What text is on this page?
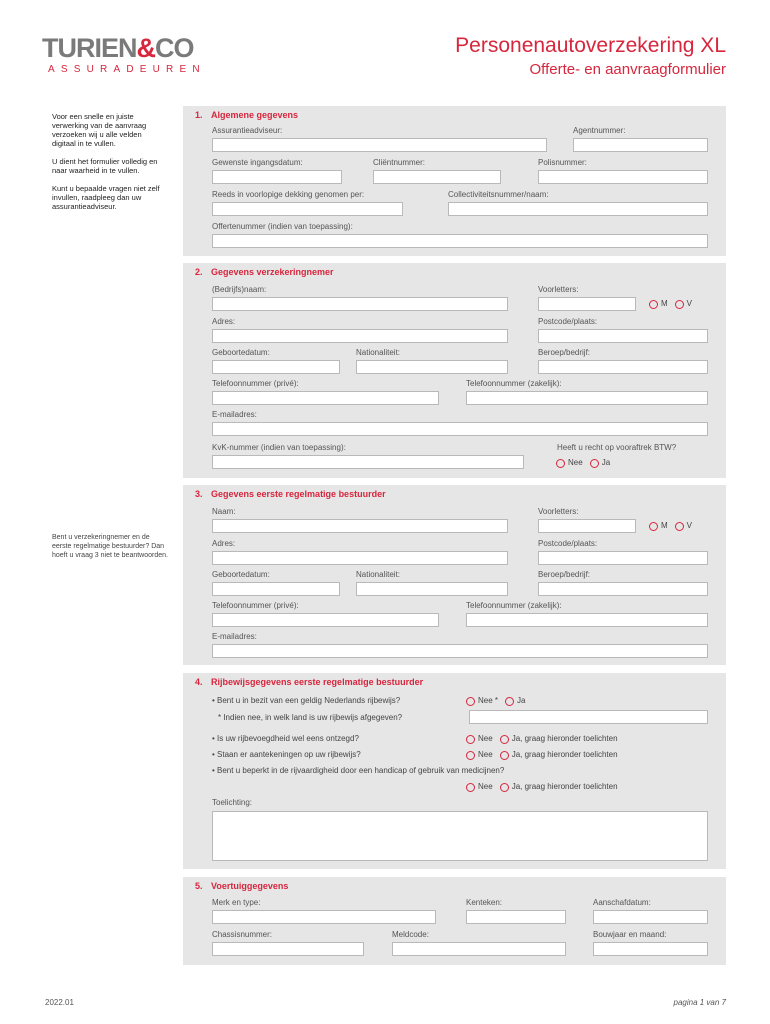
TURIEN&CO
ASSURADEUREN
Personenautoverzekering XL
Offerte- en aanvraagformulier

Voor een snelle en juiste verwerking van de aanvraag verzoeken wij u alle velden digitaal in te vullen.

U dient het formulier volledig en naar waarheid in te vullen.

Kunt u bepaalde vragen niet zelf invullen, raadpleeg dan uw assurantieadviseur.

Bent u verzekeringnemer en de eerste regelmatige bestuurder? Dan hoeft u vraag 3 niet te beantwoorden.
1. Algemene gegevens
Assurantieadviseur:	Agentnummer:
Gewenste ingangsdatum:	Cliëntnummer:	Polisnummer:
Reeds in voorlopige dekking genomen per:	Collectiviteitsnummer/naam:
Offertenummer (indien van toepassing):
2. Gegevens verzekeringnemer
(Bedrijfs)naam:	Voorletters:
M V
Adres:	Postcode/plaats:
Geboortedatum:	Nationaliteit:	Beroep/bedrijf:
Telefoonnummer (privé):	Telefoonnummer (zakelijk):
E-mailadres:
KvK-nummer (indien van toepassing):	Heeft u recht op vooraftrek BTW?
Nee Ja
3. Gegevens eerste regelmatige bestuurder
Naam:	Voorletters:
M V
Adres:	Postcode/plaats:
Geboortedatum:	Nationaliteit:	Beroep/bedrijf:
Telefoonnummer (privé):	Telefoonnummer (zakelijk):
E-mailadres:
4. Rijbewijsgegevens eerste regelmatige bestuurder
• Bent u in bezit van een geldig Nederlands rijbewijs?	Nee * Ja
* Indien nee, in welk land is uw rijbewijs afgegeven?
• Is uw rijbevoegdheid wel eens ontzegd?	Nee Ja, graag hieronder toelichten
• Staan er aantekeningen op uw rijbewijs?	Nee Ja, graag hieronder toelichten
• Bent u beperkt in de rijvaardigheid door een handicap of gebruik van medicijnen?
Nee Ja, graag hieronder toelichten
Toelichting:
5. Voertuiggegevens
Merk en type:	Kenteken:	Aanschafdatum:
Chassisnummer:	Meldcode:	Bouwjaar en maand:
2022.01	pagina 1 van 7
